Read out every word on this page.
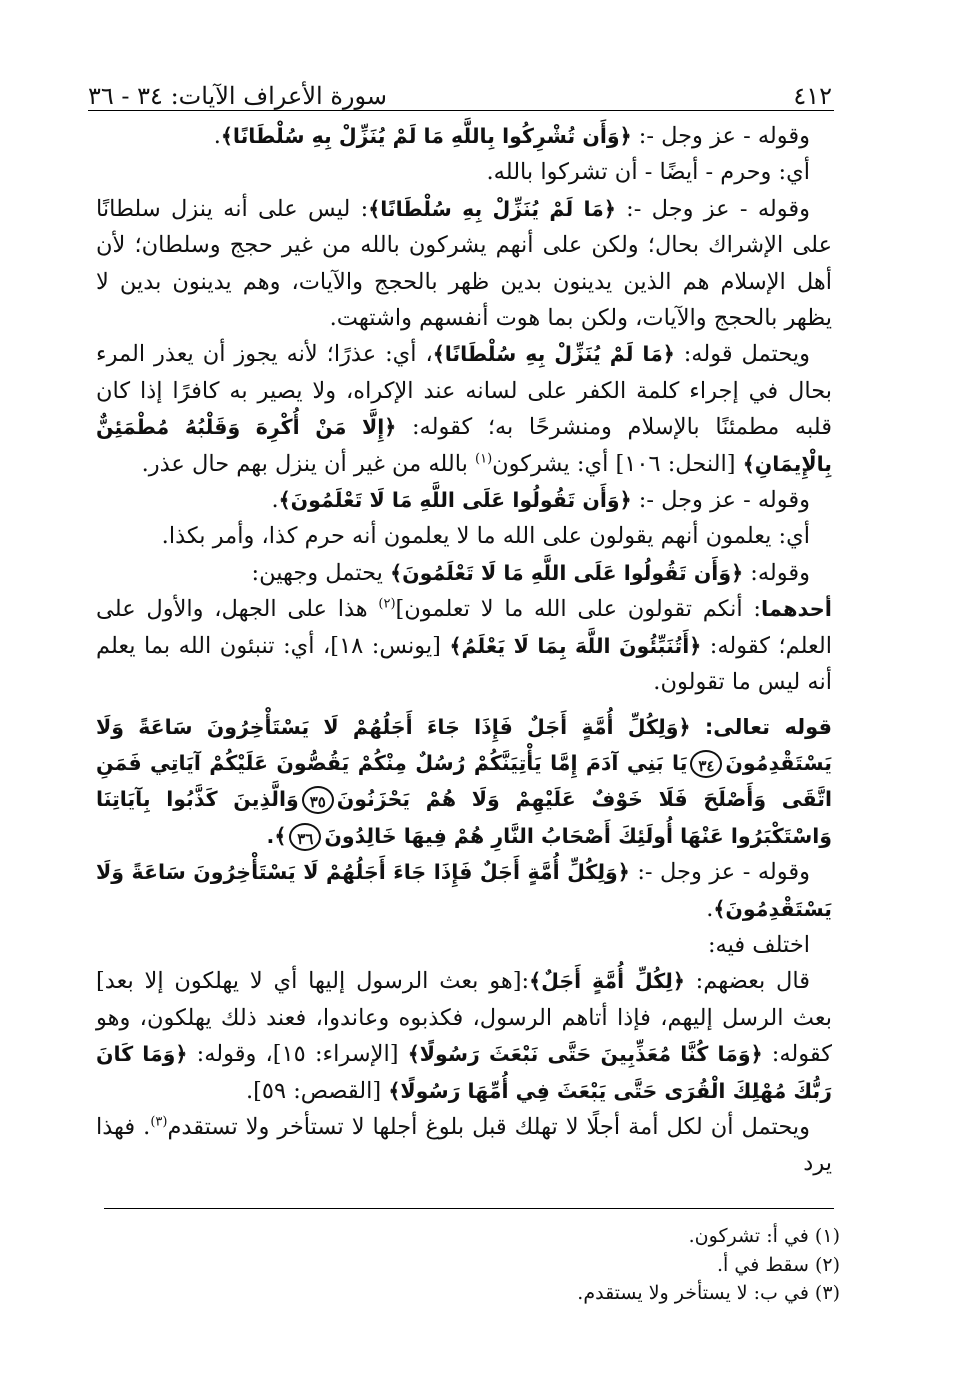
٤١٢
سورة الأعراف الآيات: ٣٤ - ٣٦

وقوله - عز وجل -: ﴿وَأَن تُشْرِكُوا بِاللَّهِ مَا لَمْ يُنَزِّلْ بِهِ سُلْطَانًا﴾.

أي: وحرم - أيضًا - أن تشركوا بالله.

وقوله - عز وجل -: ﴿مَا لَمْ يُنَزِّلْ بِهِ سُلْطَانًا﴾: ليس على أنه ينزل سلطانًا على الإشراك بحال؛ ولكن على أنهم يشركون بالله من غير حجج وسلطان؛ لأن أهل الإسلام هم الذين يدينون بدين ظهر بالحجج والآيات، وهم يدينون بدين لا يظهر بالحجج والآيات، ولكن بما هوت أنفسهم واشتهت.

ويحتمل قوله: ﴿مَا لَمْ يُنَزِّلْ بِهِ سُلْطَانًا﴾، أي: عذرًا؛ لأنه يجوز أن يعذر المرء بحال في إجراء كلمة الكفر على لسانه عند الإكراه، ولا يصير به كافرًا إذا كان قلبه مطمئنًا بالإسلام ومنشرحًا به؛ كقوله: ﴿إِلَّا مَنْ أُكْرِهَ وَقَلْبُهُ مُطْمَئِنٌّ بِالْإِيمَانِ﴾ [النحل: ١٠٦] أي: يشركون$^{(١)}$ بالله من غير أن ينزل بهم حال عذر.

وقوله - عز وجل -: ﴿وَأَن تَقُولُوا عَلَى اللَّهِ مَا لَا تَعْلَمُونَ﴾.

أي: يعلمون أنهم يقولون على الله ما لا يعلمون أنه حرم كذا، وأمر بكذا.

وقوله: ﴿وَأَن تَقُولُوا عَلَى اللَّهِ مَا لَا تَعْلَمُونَ﴾ يحتمل وجهين:

أحدهما: أنكم تقولون على الله ما لا تعلمون]$^{(٢)}$ هذا على الجهل، والأول على العلم؛ كقوله: ﴿أَتُنَبِّئُونَ اللَّهَ بِمَا لَا يَعْلَمُ﴾ [يونس: ١٨]، أي: تنبئون الله بما يعلم أنه ليس ما تقولون.

قوله تعالى: ﴿وَلِكُلِّ أُمَّةٍ أَجَلٌ فَإِذَا جَاءَ أَجَلُهُمْ لَا يَسْتَأْخِرُونَ سَاعَةً وَلَا يَسْتَقْدِمُونَ٣٤يَا بَنِي آدَمَ إِمَّا يَأْتِيَنَّكُمْ رُسُلٌ مِنْكُمْ يَقُصُّونَ عَلَيْكُمْ آيَاتِي فَمَنِ اتَّقَى وَأَصْلَحَ فَلَا خَوْفٌ عَلَيْهِمْ وَلَا هُمْ يَحْزَنُونَ٣٥وَالَّذِينَ كَذَّبُوا بِآيَاتِنَا وَاسْتَكْبَرُوا عَنْهَا أُولَئِكَ أَصْحَابُ النَّارِ هُمْ فِيهَا خَالِدُونَ٣٦﴾.

وقوله - عز وجل -: ﴿وَلِكُلِّ أُمَّةٍ أَجَلٌ فَإِذَا جَاءَ أَجَلُهُمْ لَا يَسْتَأْخِرُونَ سَاعَةً وَلَا يَسْتَقْدِمُونَ﴾.

اختلف فيه:

قال بعضهم: ﴿لِكُلِّ أُمَّةٍ أَجَلٌ﴾:[هو بعث الرسول إليها أي لا يهلكون إلا بعد] بعث الرسل إليهم، فإذا أتاهم الرسول، فكذبوه وعاندوا، فعند ذلك يهلكون، وهو كقوله: ﴿وَمَا كُنَّا مُعَذِّبِينَ حَتَّى نَبْعَثَ رَسُولًا﴾ [الإسراء: ١٥]، وقوله: ﴿وَمَا كَانَ رَبُّكَ مُهْلِكَ الْقُرَى حَتَّى يَبْعَثَ فِي أُمِّهَا رَسُولًا﴾ [القصص: ٥٩].

ويحتمل أن لكل أمة أجلًا لا تهلك قبل بلوغ أجلها لا تستأخر ولا تستقدم$^{(٣)}$. فهذا يرد

(١) في أ: تشركون.

(٢) سقط في أ.

(٣) في ب: لا يستأخر ولا يستقدم.
